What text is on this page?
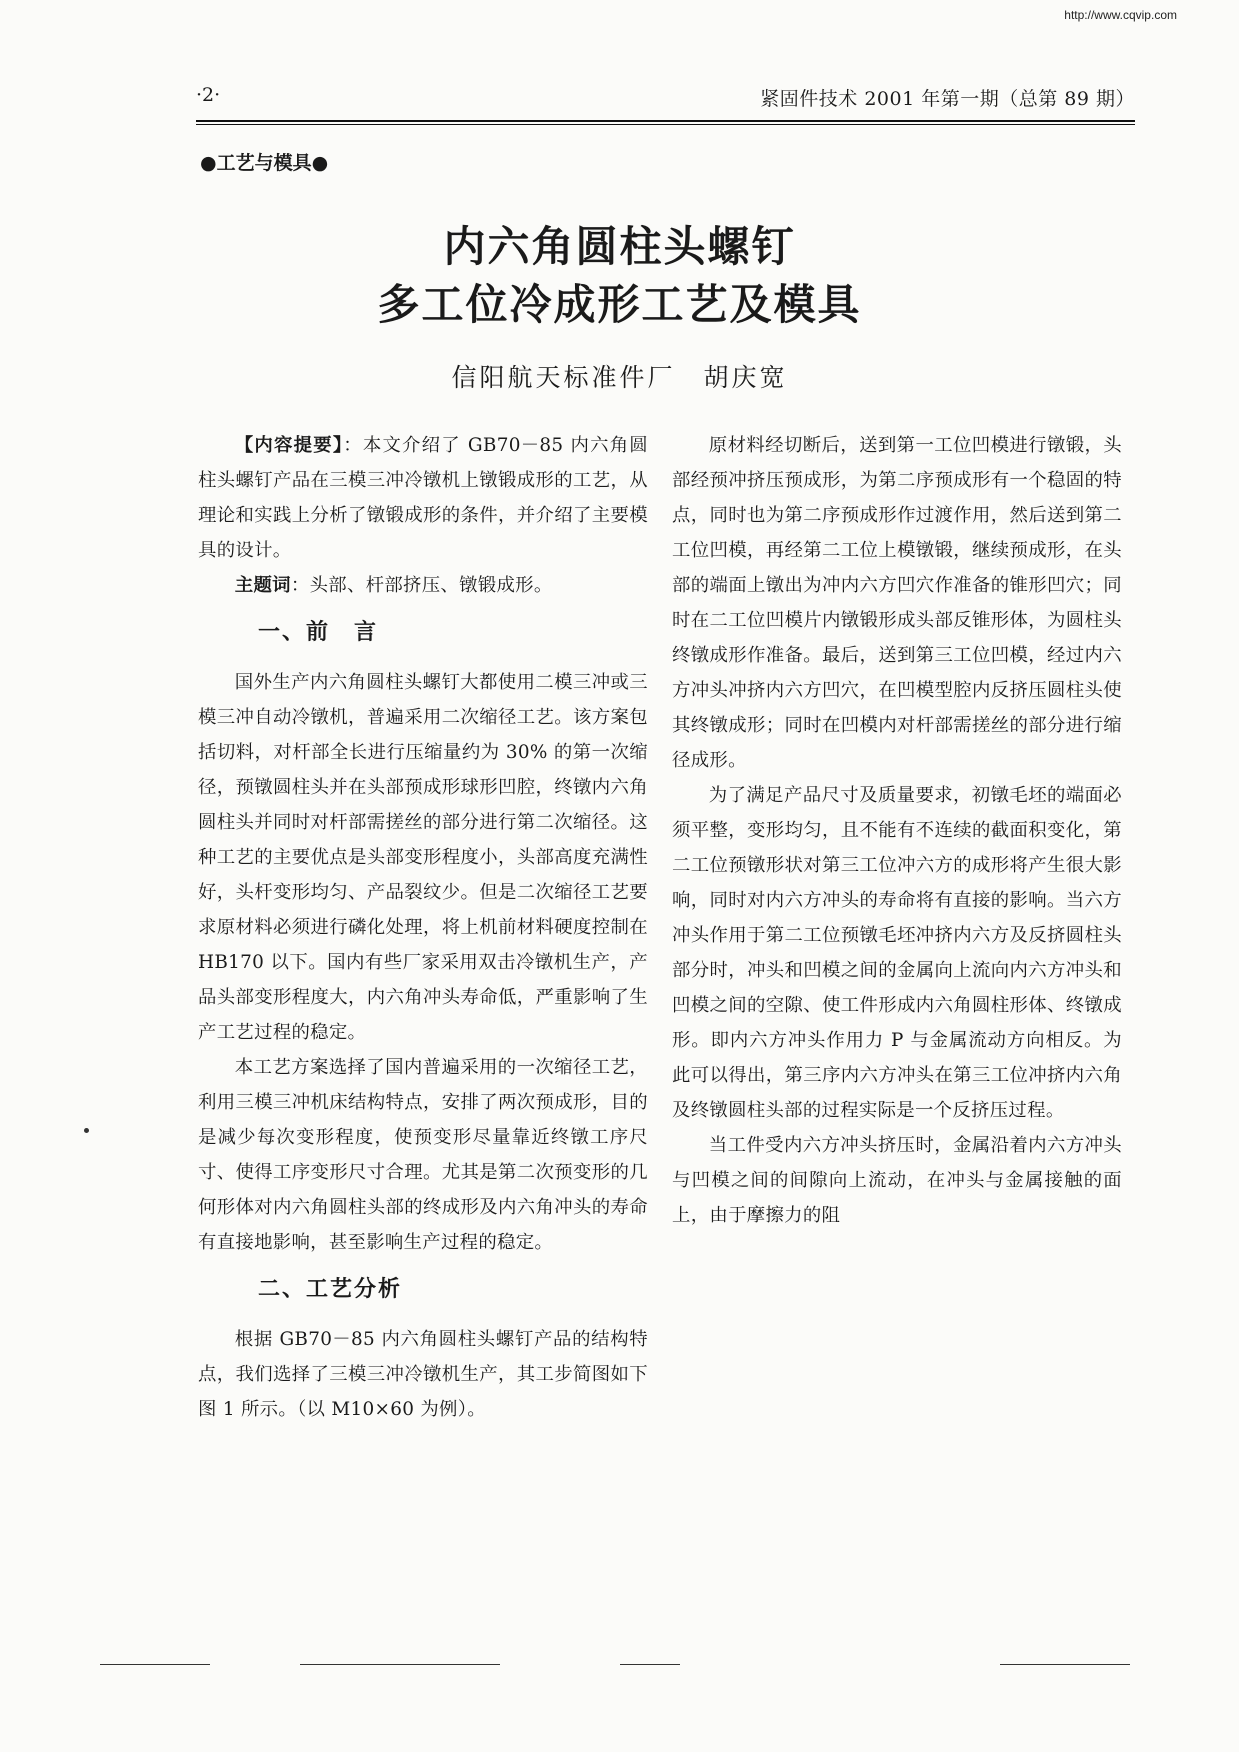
http://www.cqvip.com
·2·	紧固件技术 2001 年第一期（总第 89 期）
●工艺与模具●
内六角圆柱头螺钉
多工位冷成形工艺及模具
信阳航天标准件厂　胡庆宽

【内容提要】：本文介绍了 GB70－85 内六角圆柱头螺钉产品在三模三冲冷镦机上镦锻成形的工艺，从理论和实践上分析了镦锻成形的条件，并介绍了主要模具的设计。

主题词：头部、杆部挤压、镦锻成形。

一、前　言

国外生产内六角圆柱头螺钉大都使用二模三冲或三模三冲自动冷镦机，普遍采用二次缩径工艺。该方案包括切料，对杆部全长进行压缩量约为 30% 的第一次缩径，预镦圆柱头并在头部预成形球形凹腔，终镦内六角圆柱头并同时对杆部需搓丝的部分进行第二次缩径。这种工艺的主要优点是头部变形程度小，头部高度充满性好，头杆变形均匀、产品裂纹少。但是二次缩径工艺要求原材料必须进行磷化处理，将上机前材料硬度控制在 HB170 以下。国内有些厂家采用双击冷镦机生产，产品头部变形程度大，内六角冲头寿命低，严重影响了生产工艺过程的稳定。

本工艺方案选择了国内普遍采用的一次缩径工艺，利用三模三冲机床结构特点，安排了两次预成形，目的是减少每次变形程度，使预变形尽量靠近终镦工序尺寸、使得工序变形尺寸合理。尤其是第二次预变形的几何形体对内六角圆柱头部的终成形及内六角冲头的寿命有直接地影响，甚至影响生产过程的稳定。

二、工艺分析

根据 GB70－85 内六角圆柱头螺钉产品的结构特点，我们选择了三模三冲冷镦机生产，其工步简图如下图 1 所示。（以 M10×60 为例）。

原材料经切断后，送到第一工位凹模进行镦锻，头部经预冲挤压预成形，为第二序预成形有一个稳固的特点，同时也为第二序预成形作过渡作用，然后送到第二工位凹模，再经第二工位上模镦锻，继续预成形，在头部的端面上镦出为冲内六方凹穴作准备的锥形凹穴；同时在二工位凹模片内镦锻形成头部反锥形体，为圆柱头终镦成形作准备。最后，送到第三工位凹模，经过内六方冲头冲挤内六方凹穴，在凹模型腔内反挤压圆柱头使其终镦成形；同时在凹模内对杆部需搓丝的部分进行缩径成形。

为了满足产品尺寸及质量要求，初镦毛坯的端面必须平整，变形均匀，且不能有不连续的截面积变化，第二工位预镦形状对第三工位冲六方的成形将产生很大影响，同时对内六方冲头的寿命将有直接的影响。当六方冲头作用于第二工位预镦毛坯冲挤内六方及反挤圆柱头部分时，冲头和凹模之间的金属向上流向内六方冲头和凹模之间的空隙、使工件形成内六角圆柱形体、终镦成形。即内六方冲头作用力 P 与金属流动方向相反。为此可以得出，第三序内六方冲头在第三工位冲挤内六角及终镦圆柱头部的过程实际是一个反挤压过程。

当工件受内六方冲头挤压时，金属沿着内六方冲头与凹模之间的间隙向上流动，在冲头与金属接触的面上，由于摩擦力的阻
